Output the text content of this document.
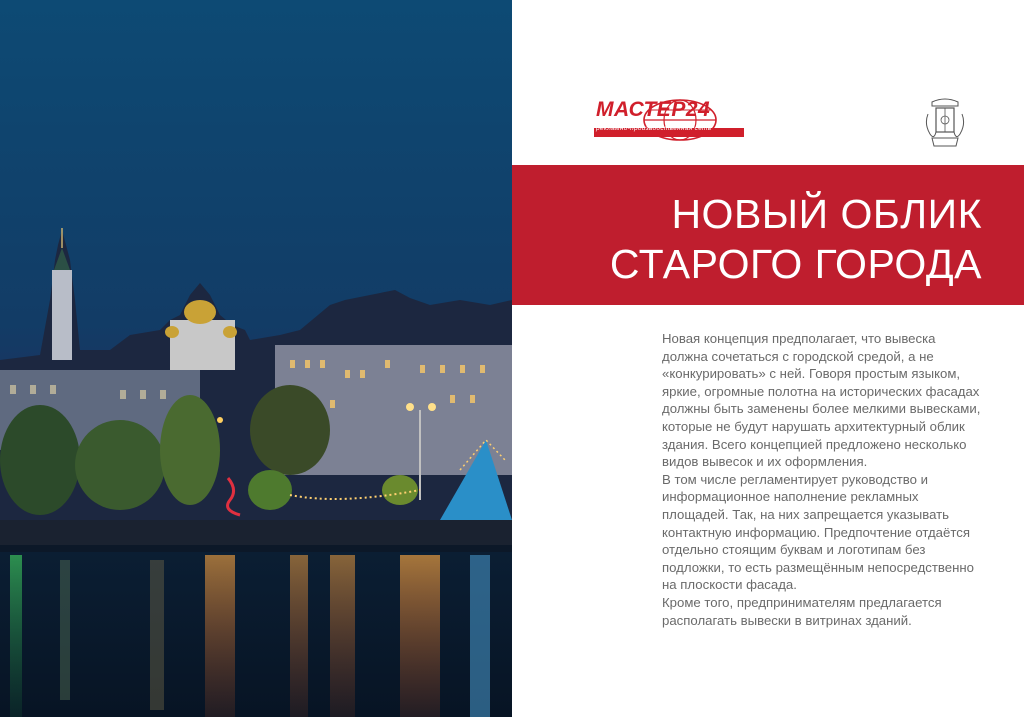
МАСТЕР24
рекламно-производственная сеть
НОВЫЙ ОБЛИК
СТАРОГО ГОРОДА

Новая концепция предполагает, что вывеска должна сочетаться с городской средой, а не «конкурировать» с ней. Говоря простым языком, яркие, огромные полотна на исторических фасадах должны быть заменены более мелкими вывесками, которые не будут нарушать архитектурный облик здания. Всего концепцией предложено несколько видов вывесок и их оформления.

В том числе регламентирует руководство и информационное наполнение рекламных площадей. Так, на них запрещается указывать контактную информацию. Предпочтение отдаётся отдельно стоящим буквам и логотипам без подложки, то есть размещённым непосредственно на плоскости фасада.

Кроме того, предпринимателям предлагается располагать вывески в витринах зданий.
